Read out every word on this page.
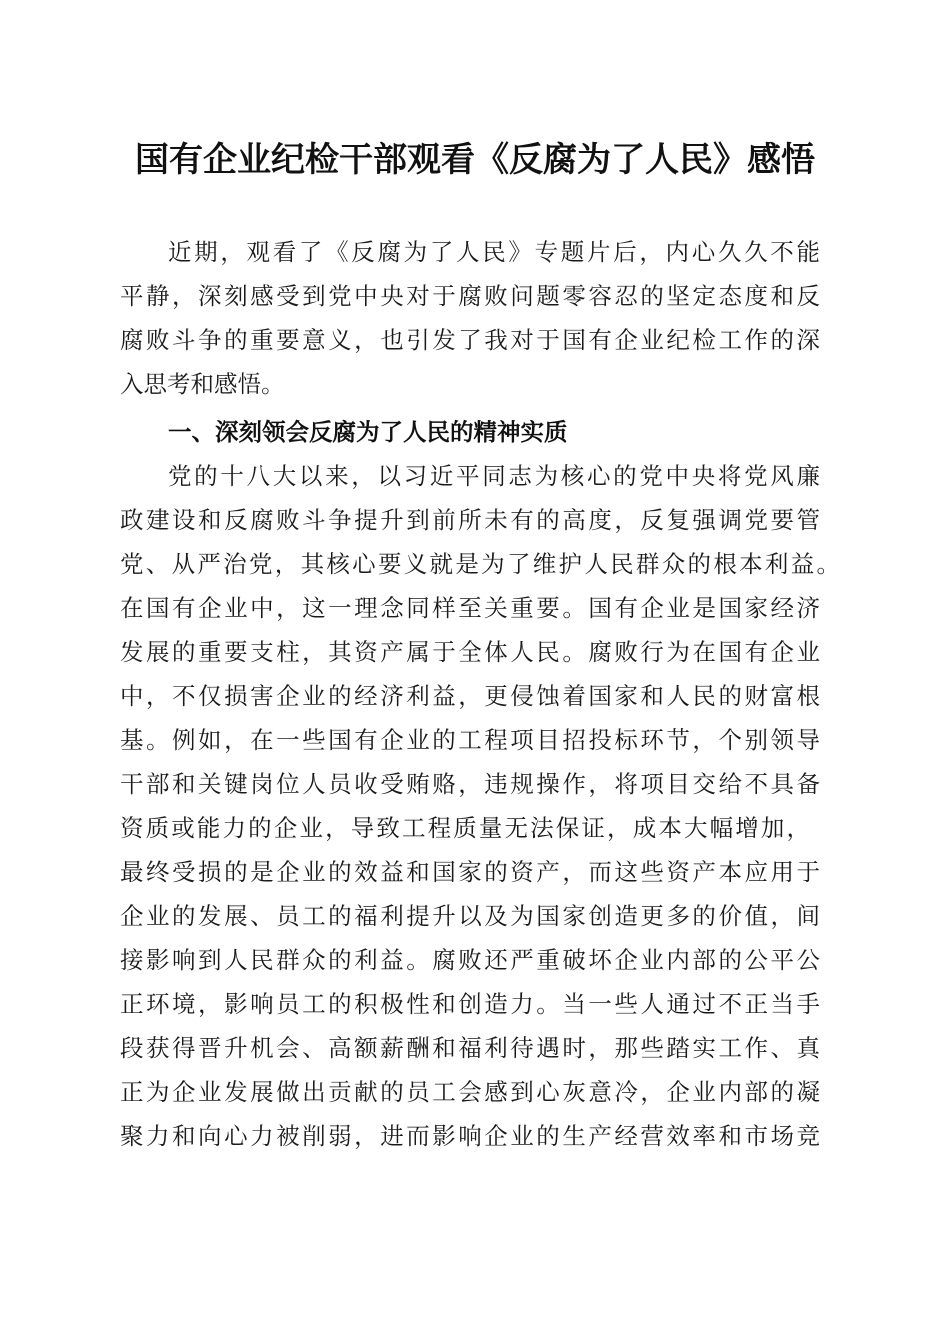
国有企业纪检干部观看《反腐为了人民》感悟
近期，观看了《反腐为了人民》专题片后，内心久久不能
平静，深刻感受到党中央对于腐败问题零容忍的坚定态度和反
腐败斗争的重要意义，也引发了我对于国有企业纪检工作的深
入思考和感悟。
一、深刻领会反腐为了人民的精神实质
党的十八大以来，以习近平同志为核心的党中央将党风廉
政建设和反腐败斗争提升到前所未有的高度，反复强调党要管
党、从严治党，其核心要义就是为了维护人民群众的根本利益。
在国有企业中，这一理念同样至关重要。国有企业是国家经济
发展的重要支柱，其资产属于全体人民。腐败行为在国有企业
中，不仅损害企业的经济利益，更侵蚀着国家和人民的财富根
基。例如，在一些国有企业的工程项目招投标环节，个别领导
干部和关键岗位人员收受贿赂，违规操作，将项目交给不具备
资质或能力的企业，导致工程质量无法保证，成本大幅增加，
最终受损的是企业的效益和国家的资产，而这些资产本应用于
企业的发展、员工的福利提升以及为国家创造更多的价值，间
接影响到人民群众的利益。腐败还严重破坏企业内部的公平公
正环境，影响员工的积极性和创造力。当一些人通过不正当手
段获得晋升机会、高额薪酬和福利待遇时，那些踏实工作、真
正为企业发展做出贡献的员工会感到心灰意冷，企业内部的凝
聚力和向心力被削弱，进而影响企业的生产经营效率和市场竞
